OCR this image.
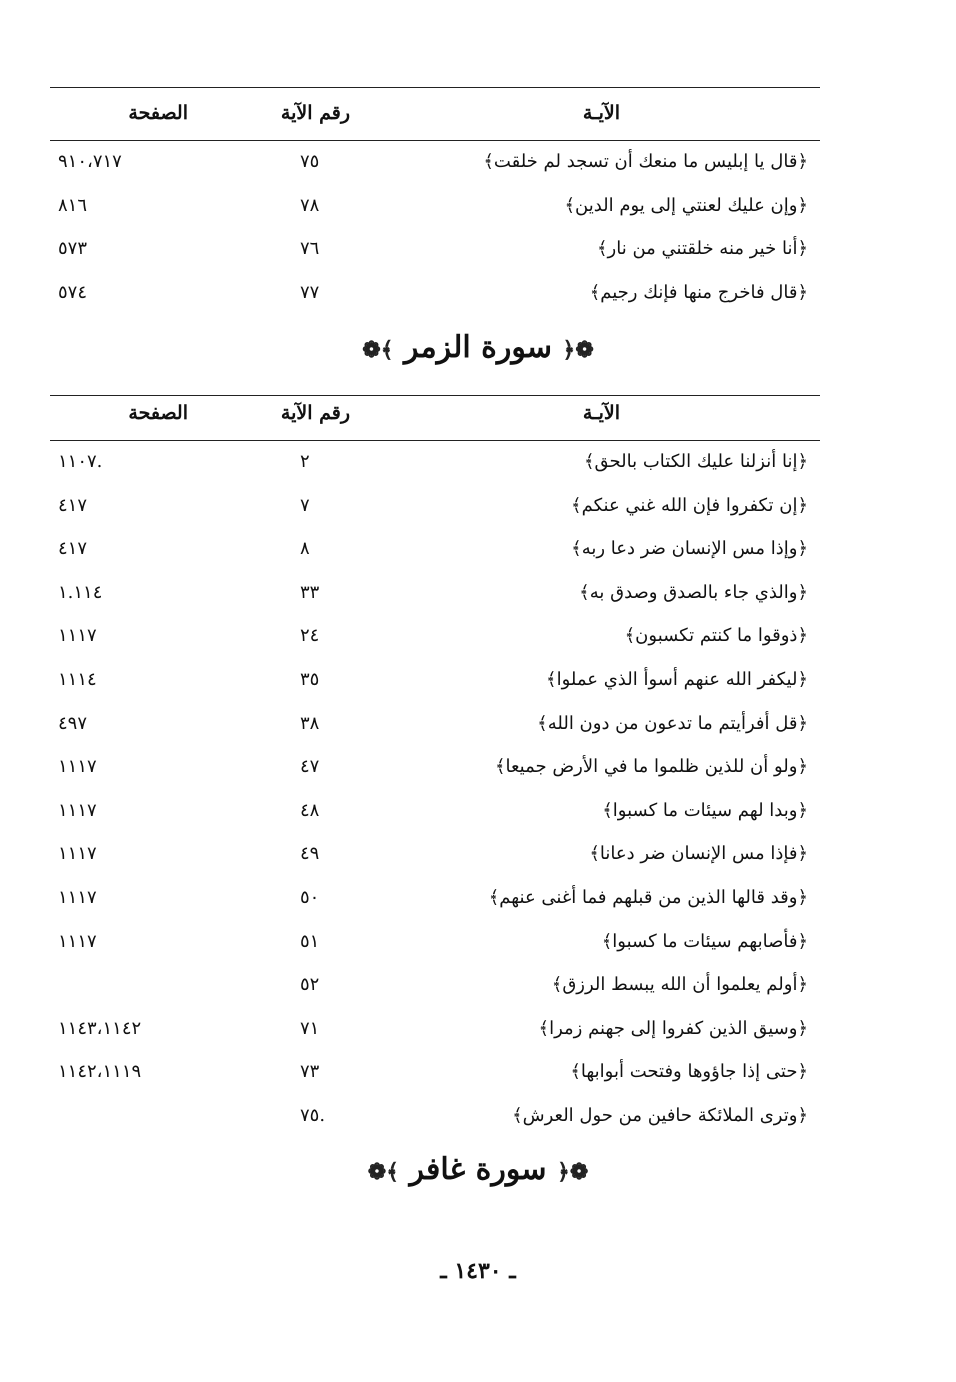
الآيـة
رقم الآية
الصفحة
﴿قال يا إبليس ما منعك أن تسجد لم خلقت﴾
٧٥
٩١٠،٧١٧
﴿وإن عليك لعنتي إلى يوم الدين﴾
٧٨
٨١٦
﴿أنا خير منه خلقتني من نار﴾
٧٦
٥٧٣
﴿قال فاخرج منها فإنك رجيم﴾
٧٧
٥٧٤
❁﴿ سورة الزمر ﴾❁
الآيـة
رقم الآية
الصفحة
﴿إنا أنزلنا عليك الكتاب بالحق﴾
٢
.١١٠٧
﴿إن تكفروا فإن الله غني عنكم﴾
٧
٤١٧
﴿وإذا مس الإنسان ضر دعا ربه﴾
٨
٤١٧
﴿والذي جاء بالصدق وصدق به﴾
٣٣
١.١١٤
﴿ذوقوا ما كنتم تكسبون﴾
٢٤
١١١٧
﴿ليكفر الله عنهم أسوأ الذي عملوا﴾
٣٥
١١١٤
﴿قل أفرأيتم ما تدعون من دون الله﴾
٣٨
٤٩٧
﴿ولو أن للذين ظلموا ما في الأرض جميعا﴾
٤٧
١١١٧
﴿وبدا لهم سيئات ما كسبوا﴾
٤٨
١١١٧
﴿فإذا مس الإنسان ضر دعانا﴾
٤٩
١١١٧
﴿وقد قالها الذين من قبلهم فما أغنى عنهم﴾
٥٠
١١١٧
﴿فأصابهم سيئات ما كسبوا﴾
٥١
١١١٧
﴿أولم يعلموا أن الله يبسط الرزق﴾
٥٢
﴿وسيق الذين كفروا إلى جهنم زمرا﴾
٧١
١١٤٣،١١٤٢
﴿حتى إذا جاؤوها وفتحت أبوابها﴾
٧٣
١١٤٢،١١١٩
﴿وترى الملائكة حافين من حول العرش﴾
.٧٥
❁﴿ سورة غافر ﴾❁
ـ ١٤٣٠ ـ
